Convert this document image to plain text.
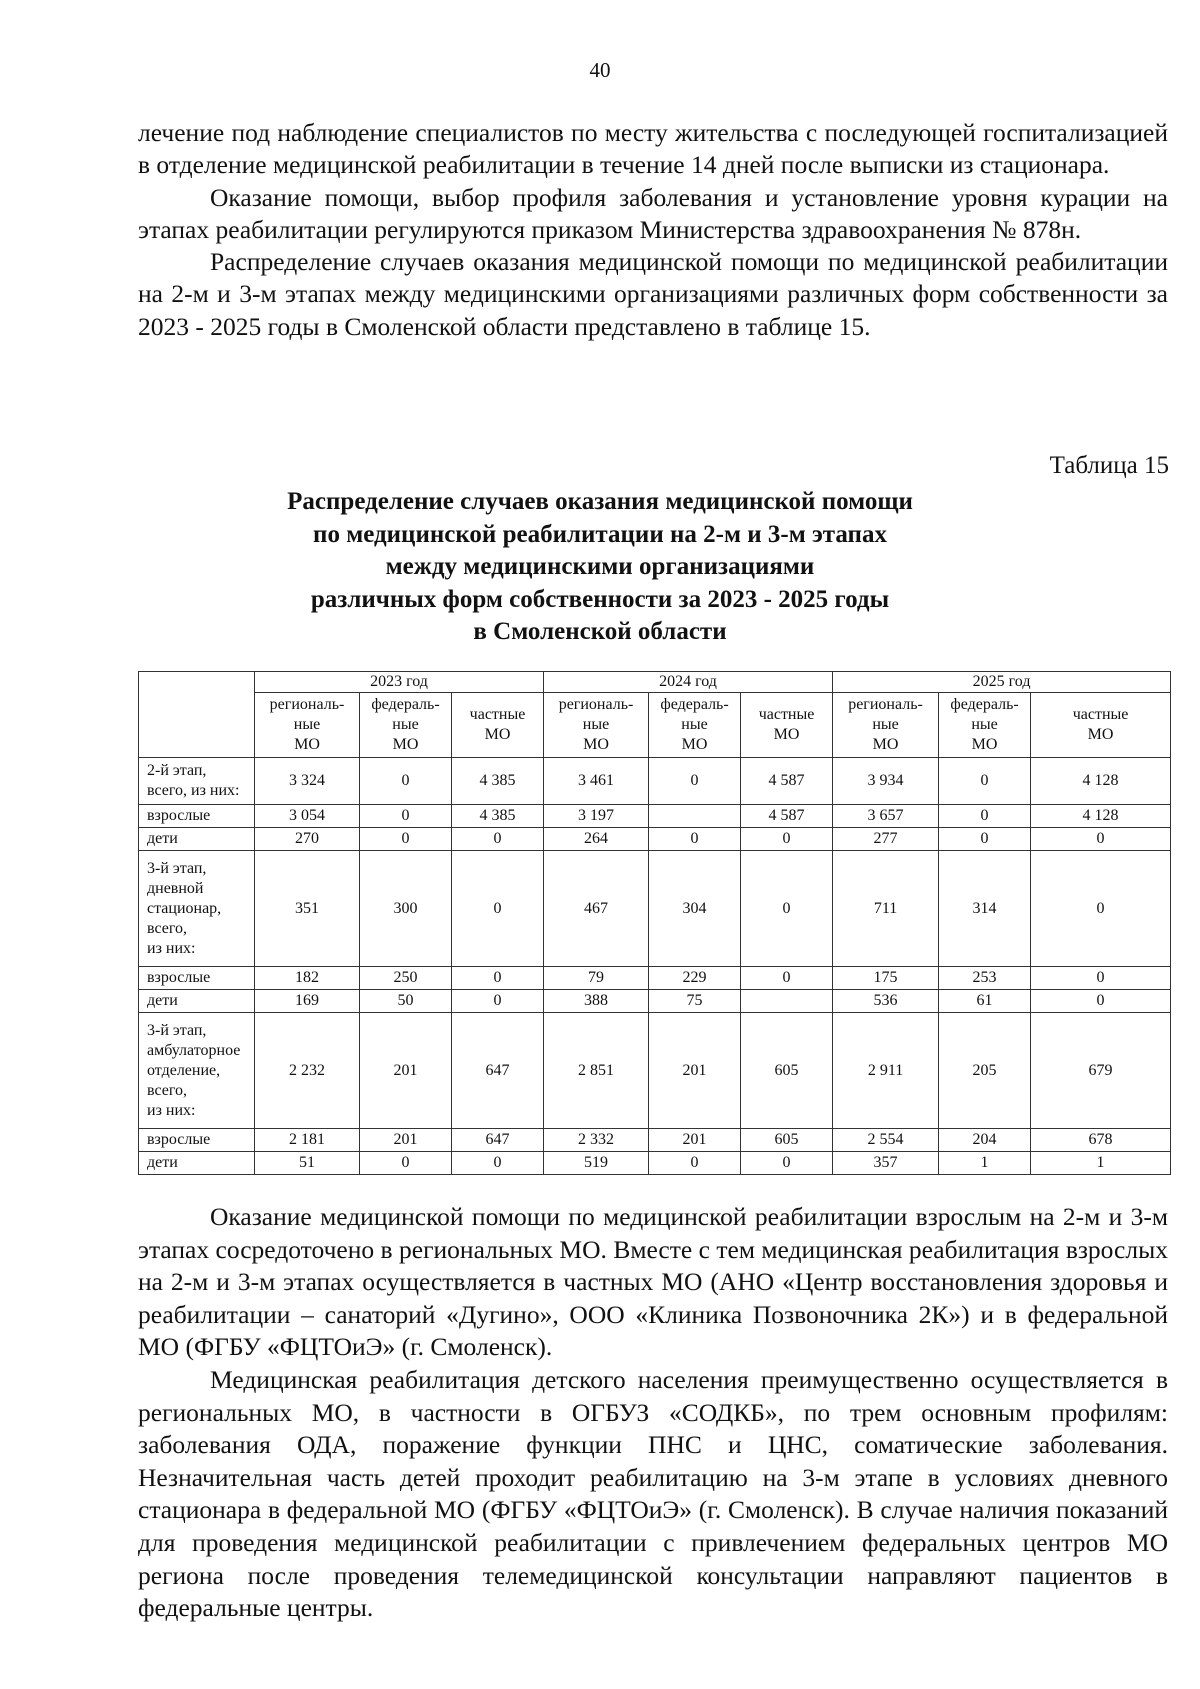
40

лечение под наблюдение специалистов по месту жительства с последующей госпитализацией в отделение медицинской реабилитации в течение 14 дней после выписки из стационара.

Оказание помощи, выбор профиля заболевания и установление уровня курации на этапах реабилитации регулируются приказом Министерства здравоохранения № 878н.

Распределение случаев оказания медицинской помощи по медицинской реабилитации на 2-м и 3-м этапах между медицинскими организациями различных форм собственности за 2023 - 2025 годы в Смоленской области представлено в таблице 15.

Таблица 15
Распределение случаев оказания медицинской помощи
по медицинской реабилитации на 2-м и 3-м этапах
между медицинскими организациями
различных форм собственности за 2023 - 2025 годы
в Смоленской области
	2023 год			2024 год			2025 год		

	региональ-
ные
МО	федераль-
ные
МО	частные
МО	региональ-
ные
МО	федераль-
ные
МО	частные
МО	региональ-
ные
МО	федераль-
ные
МО	частные
МО

2-й этап,
всего, из них:	3 324	0	4 385	3 461	0	4 587	3 934	0	4 128

взрослые	3 054	0	4 385	3 197		4 587	3 657	0	4 128

дети	270	0	0	264	0	0	277	0	0

3-й этап,
дневной
стационар,
всего,
из них:	351	300	0	467	304	0	711	314	0

взрослые	182	250	0	79	229	0	175	253	0

дети	169	50	0	388	75		536	61	0

3-й этап,
амбулаторное
отделение,
всего,
из них:	2 232	201	647	2 851	201	605	2 911	205	679

взрослые	2 181	201	647	2 332	201	605	2 554	204	678

дети	51	0	0	519	0	0	357	1	1

Оказание медицинской помощи по медицинской реабилитации взрослым на 2-м и 3-м этапах сосредоточено в региональных МО. Вместе с тем медицинская реабилитация взрослых на 2-м и 3-м этапах осуществляется в частных МО (АНО «Центр восстановления здоровья и реабилитации – санаторий «Дугино», ООО «Клиника Позвоночника 2К») и в федеральной МО (ФГБУ «ФЦТОиЭ» (г. Смоленск).

Медицинская реабилитация детского населения преимущественно осуществляется в региональных МО, в частности в ОГБУЗ «СОДКБ», по трем основным профилям: заболевания ОДА, поражение функции ПНС и ЦНС, соматические заболевания. Незначительная часть детей проходит реабилитацию на 3-м этапе в условиях дневного стационара в федеральной МО (ФГБУ «ФЦТОиЭ» (г. Смоленск). В случае наличия показаний для проведения медицинской реабилитации с привлечением федеральных центров МО региона после проведения телемедицинской консультации направляют пациентов в федеральные центры.
